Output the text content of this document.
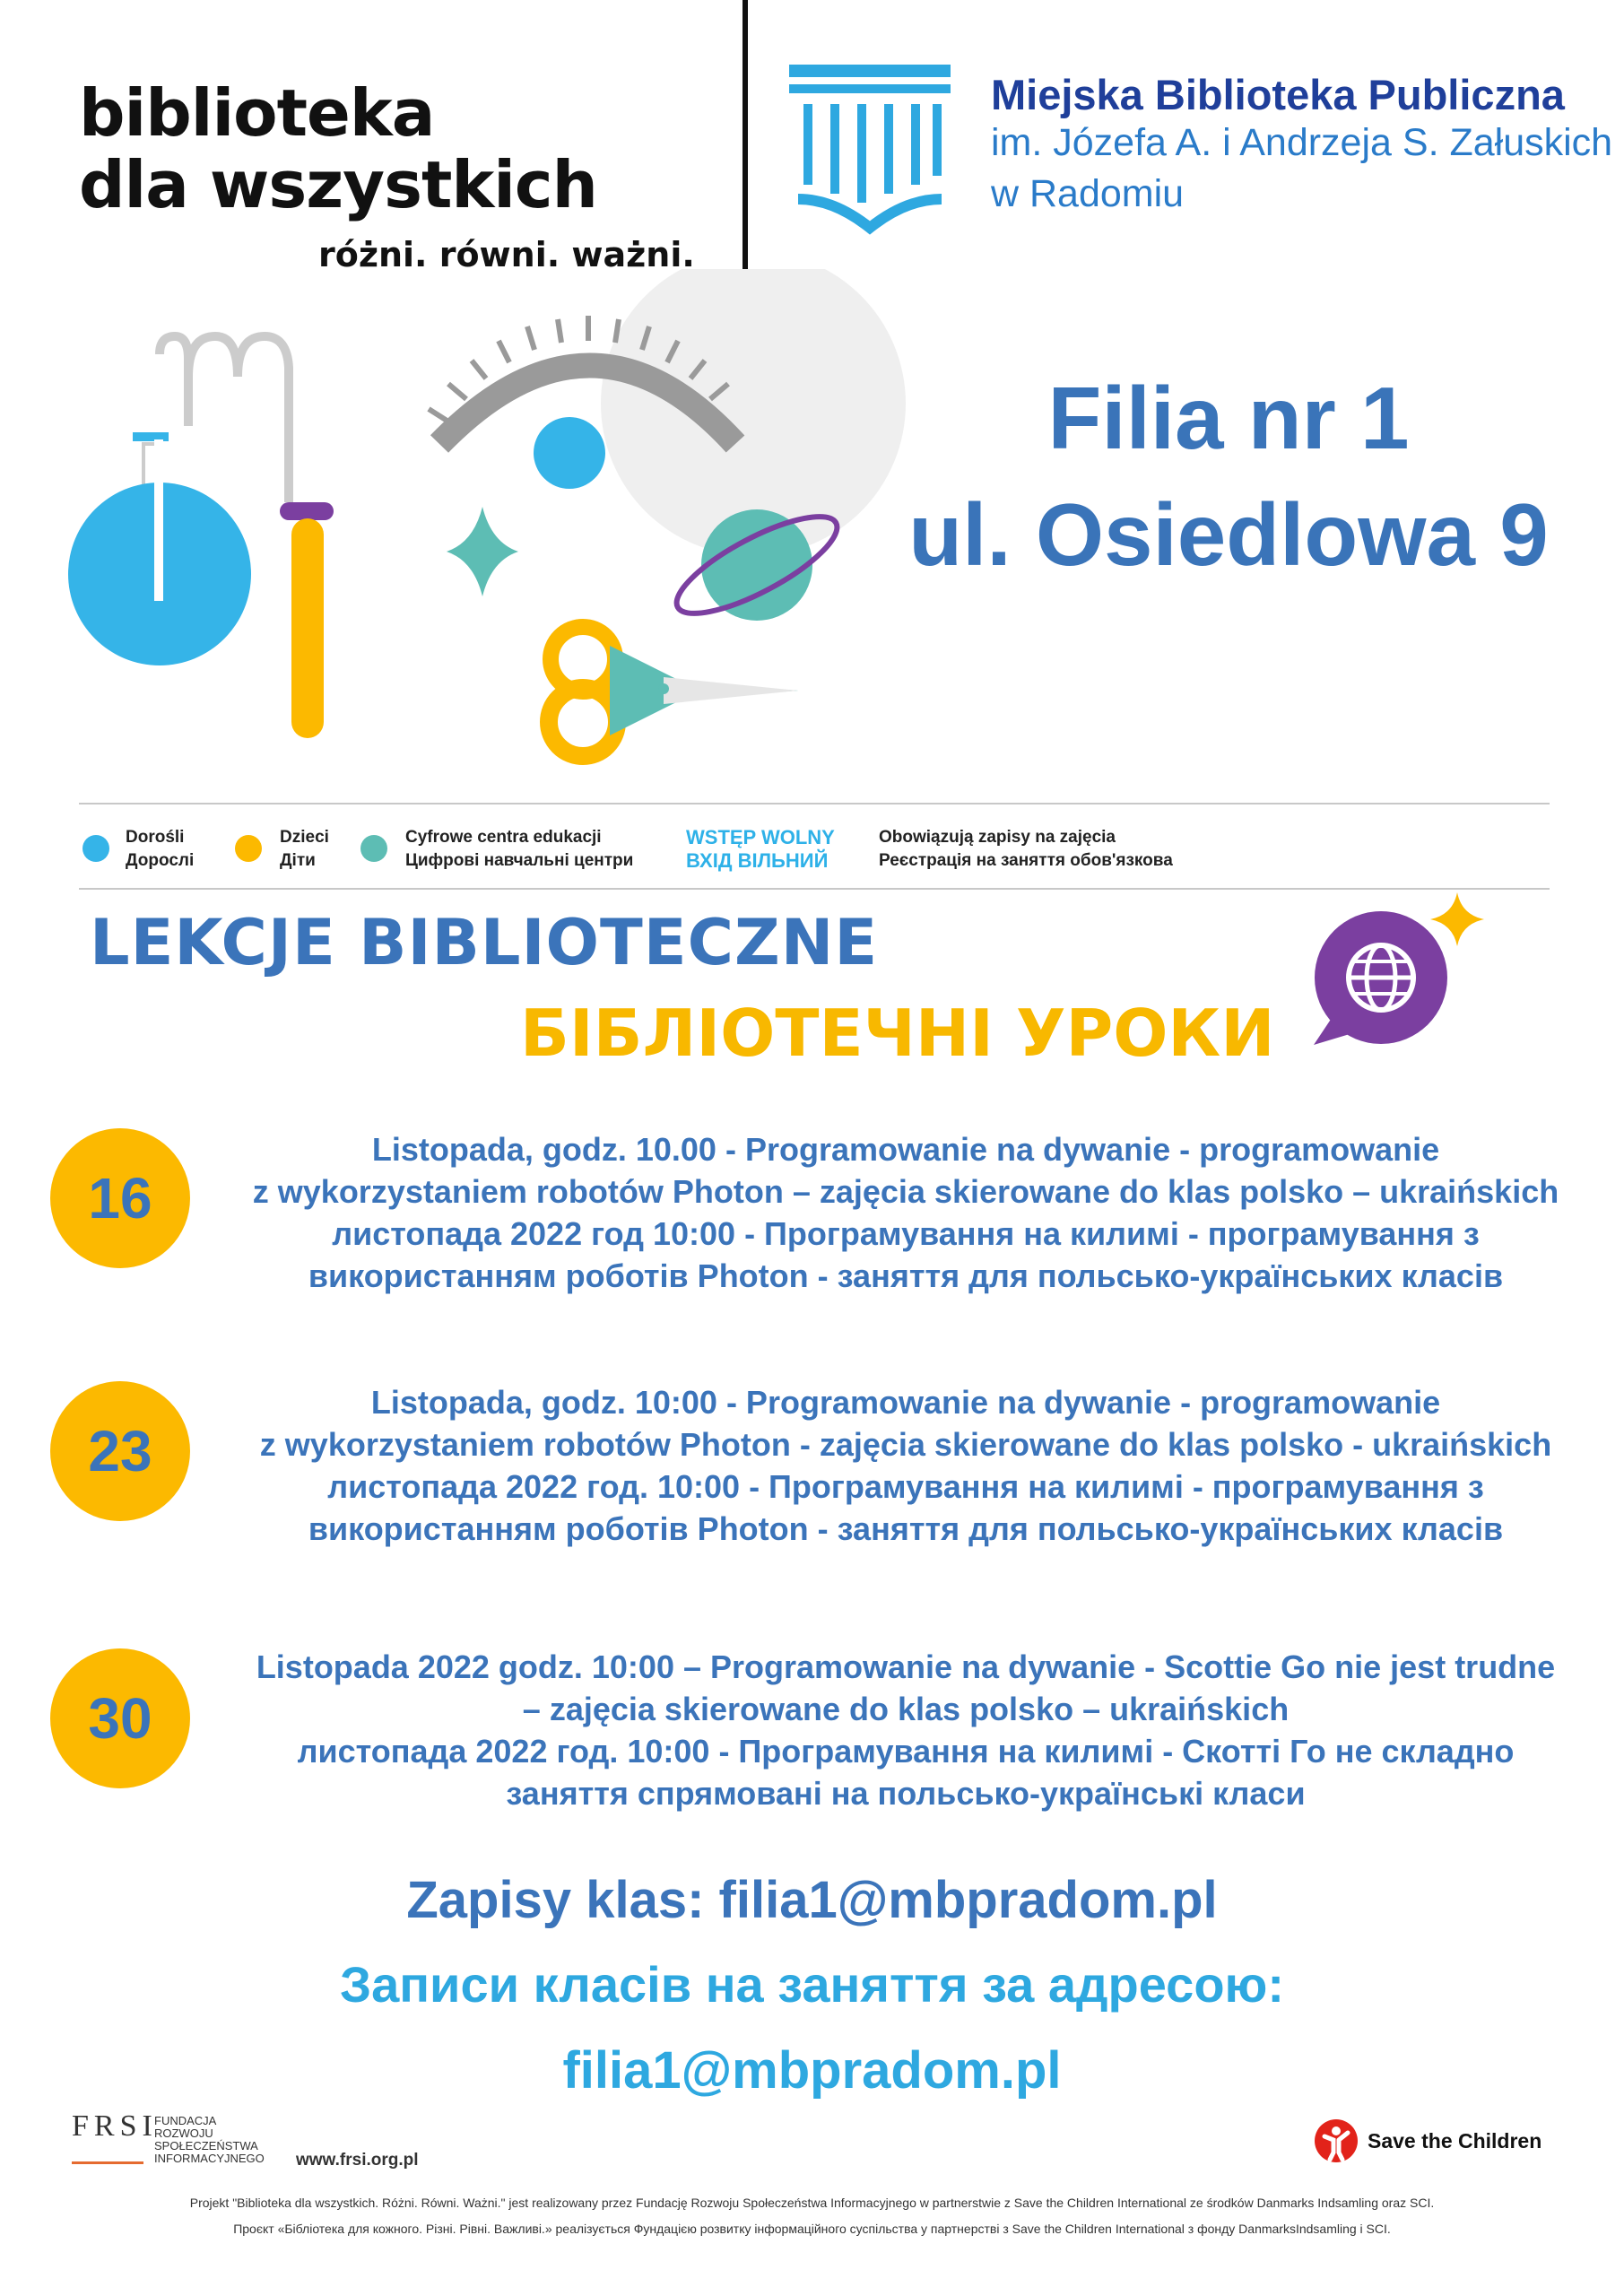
biblioteka
dla wszystkich
różni. równi. ważni.
Miejska Biblioteka Publiczna
im. Józefa A. i Andrzeja S. Załuskich
w Radomiu
Filia nr 1
ul. Osiedlowa 9
Dorośli
Дорослі
Dzieci
Діти
Cyfrowe centra edukacji
Цифрові навчальні центри
WSTĘP WOLNY
ВХІД ВІЛЬНИЙ
Obowiązują zapisy na zajęcia
Реєстрація на заняття обов'язкова
LEKCJE BIBLIOTECZNE
БІБЛІОТЕЧНІ УРОКИ
16
Listopada, godz. 10.00 - Programowanie na dywanie - programowanie
z wykorzystaniem robotów Photon – zajęcia skierowane do klas polsko – ukraińskich
листопада 2022 год 10:00 - Програмування на килимі - програмування з
використанням роботів Photon - заняття для польсько-українських класів
23
Listopada, godz. 10:00 - Programowanie na dywanie - programowanie
z wykorzystaniem robotów Photon - zajęcia skierowane do klas polsko - ukraińskich
листопада 2022 год. 10:00 - Програмування на килимі - програмування з
використанням роботів Photon - заняття для польсько-українських класів
30
Listopada 2022 godz. 10:00 – Programowanie na dywanie - Scottie Go nie jest trudne
– zajęcia skierowane do klas polsko – ukraińskich
листопада 2022 год. 10:00 - Програмування на килимі - Скотті Го не складно
заняття спрямовані на польсько-українські класи
Zapisy klas: filia1@mbpradom.pl
Записи класів на заняття за адресою:
filia1@mbpradom.pl
FRSI
FUNDACJA ROZWOJU SPOŁECZEŃSTWA INFORMACYJNEGO www.frsi.org.pl
Save the Children
Projekt "Biblioteka dla wszystkich. Różni. Równi. Ważni." jest realizowany przez Fundację Rozwoju Społeczeństwa Informacyjnego w partnerstwie z Save the Children International ze środków Danmarks Indsamling oraz SCI.
Проєкт «Бібліотека для кожного. Різні. Рівні. Важливі.» реалізується Фундацією розвитку інформаційного суспільства у партнерстві з Save the Children International з фонду DanmarksIndsamling i SCI.
